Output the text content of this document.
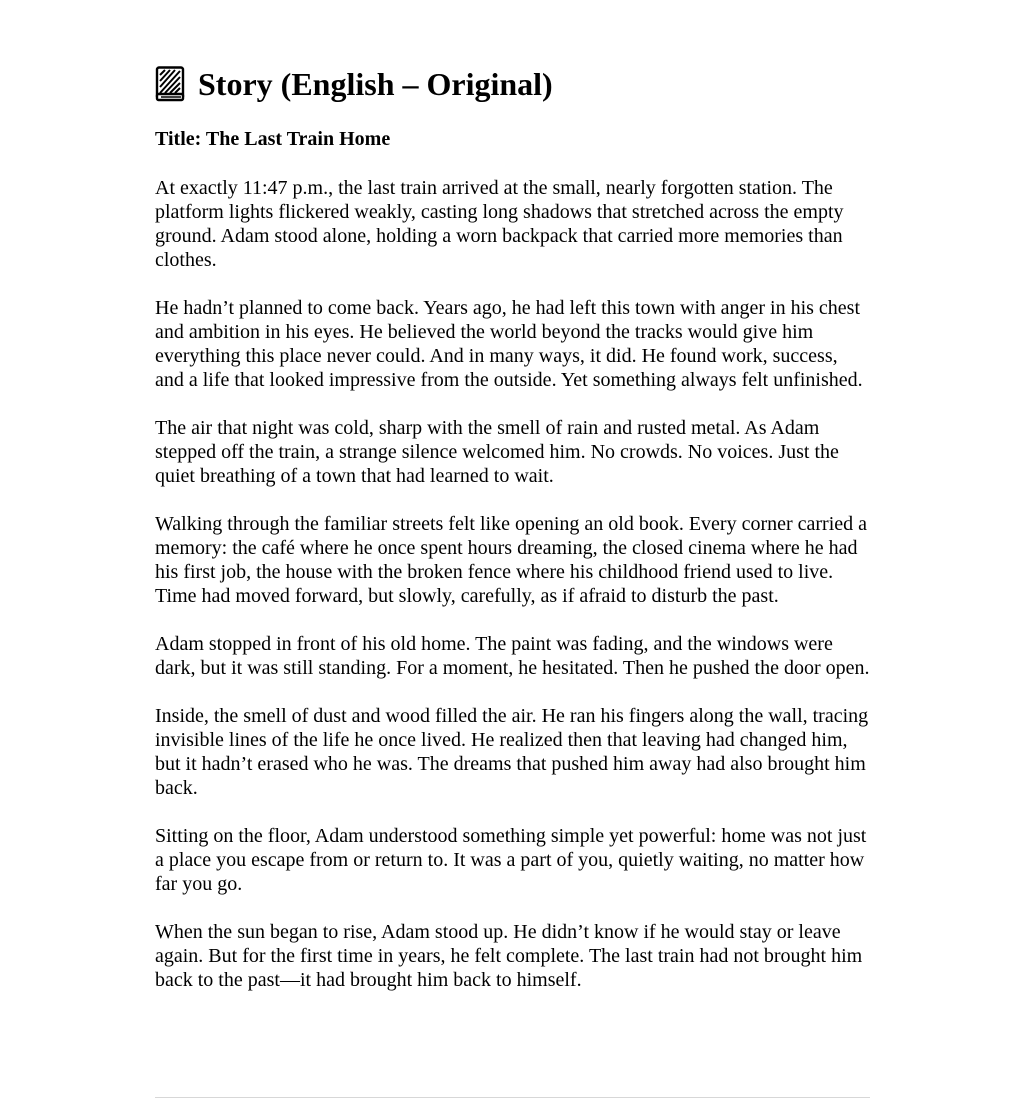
Story (English – Original)

Title: The Last Train Home

At exactly 11:47 p.m., the last train arrived at the small, nearly forgotten station. The platform lights flickered weakly, casting long shadows that stretched across the empty ground. Adam stood alone, holding a worn backpack that carried more memories than clothes.

He hadn’t planned to come back. Years ago, he had left this town with anger in his chest and ambition in his eyes. He believed the world beyond the tracks would give him everything this place never could. And in many ways, it did. He found work, success, and a life that looked impressive from the outside. Yet something always felt unfinished.

The air that night was cold, sharp with the smell of rain and rusted metal. As Adam stepped off the train, a strange silence welcomed him. No crowds. No voices. Just the quiet breathing of a town that had learned to wait.

Walking through the familiar streets felt like opening an old book. Every corner carried a memory: the café where he once spent hours dreaming, the closed cinema where he had his first job, the house with the broken fence where his childhood friend used to live. Time had moved forward, but slowly, carefully, as if afraid to disturb the past.

Adam stopped in front of his old home. The paint was fading, and the windows were dark, but it was still standing. For a moment, he hesitated. Then he pushed the door open.

Inside, the smell of dust and wood filled the air. He ran his fingers along the wall, tracing invisible lines of the life he once lived. He realized then that leaving had changed him, but it hadn’t erased who he was. The dreams that pushed him away had also brought him back.

Sitting on the floor, Adam understood something simple yet powerful: home was not just a place you escape from or return to. It was a part of you, quietly waiting, no matter how far you go.

When the sun began to rise, Adam stood up. He didn’t know if he would stay or leave again. But for the first time in years, he felt complete. The last train had not brought him back to the past—it had brought him back to himself.
